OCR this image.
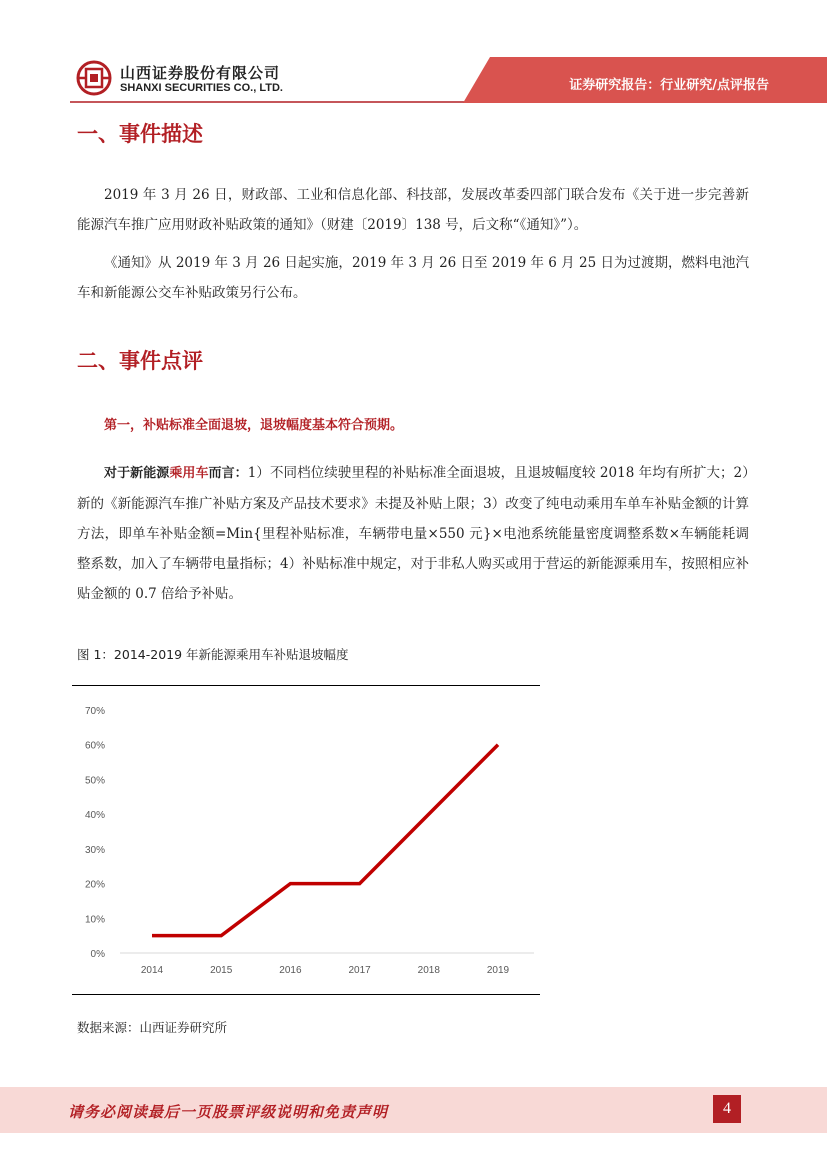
山西证券股份有限公司
SHANXI SECURITIES CO., LTD.	证券研究报告：行业研究/点评报告
一、事件描述

2019 年 3 月 26 日，财政部、工业和信息化部、科技部，发展改革委四部门联合发布《关于进一步完善新能源汽车推广应用财政补贴政策的通知》（财建〔2019〕138 号，后文称“《通知》”）。

《通知》从 2019 年 3 月 26 日起实施，2019 年 3 月 26 日至 2019 年 6 月 25 日为过渡期，燃料电池汽车和新能源公交车补贴政策另行公布。

二、事件点评
第一，补贴标准全面退坡，退坡幅度基本符合预期。

对于新能源乘用车而言：1）不同档位续驶里程的补贴标准全面退坡，且退坡幅度较 2018 年均有所扩大；2）新的《新能源汽车推广补贴方案及产品技术要求》未提及补贴上限；3）改变了纯电动乘用车单车补贴金额的计算方法，即单车补贴金额=Min{里程补贴标准，车辆带电量×550 元}×电池系统能量密度调整系数×车辆能耗调整系数，加入了车辆带电量指标；4）补贴标准中规定，对于非私人购买或用于营运的新能源乘用车，按照相应补贴金额的 0.7 倍给予补贴。

图 1：2014-2019 年新能源乘用车补贴退坡幅度
0%
10%
20%
30%
40%
50%
60%
70%
2014	2015	2016	2017	2018	2019
数据来源：山西证券研究所
请务必阅读最后一页股票评级说明和免责声明	4
